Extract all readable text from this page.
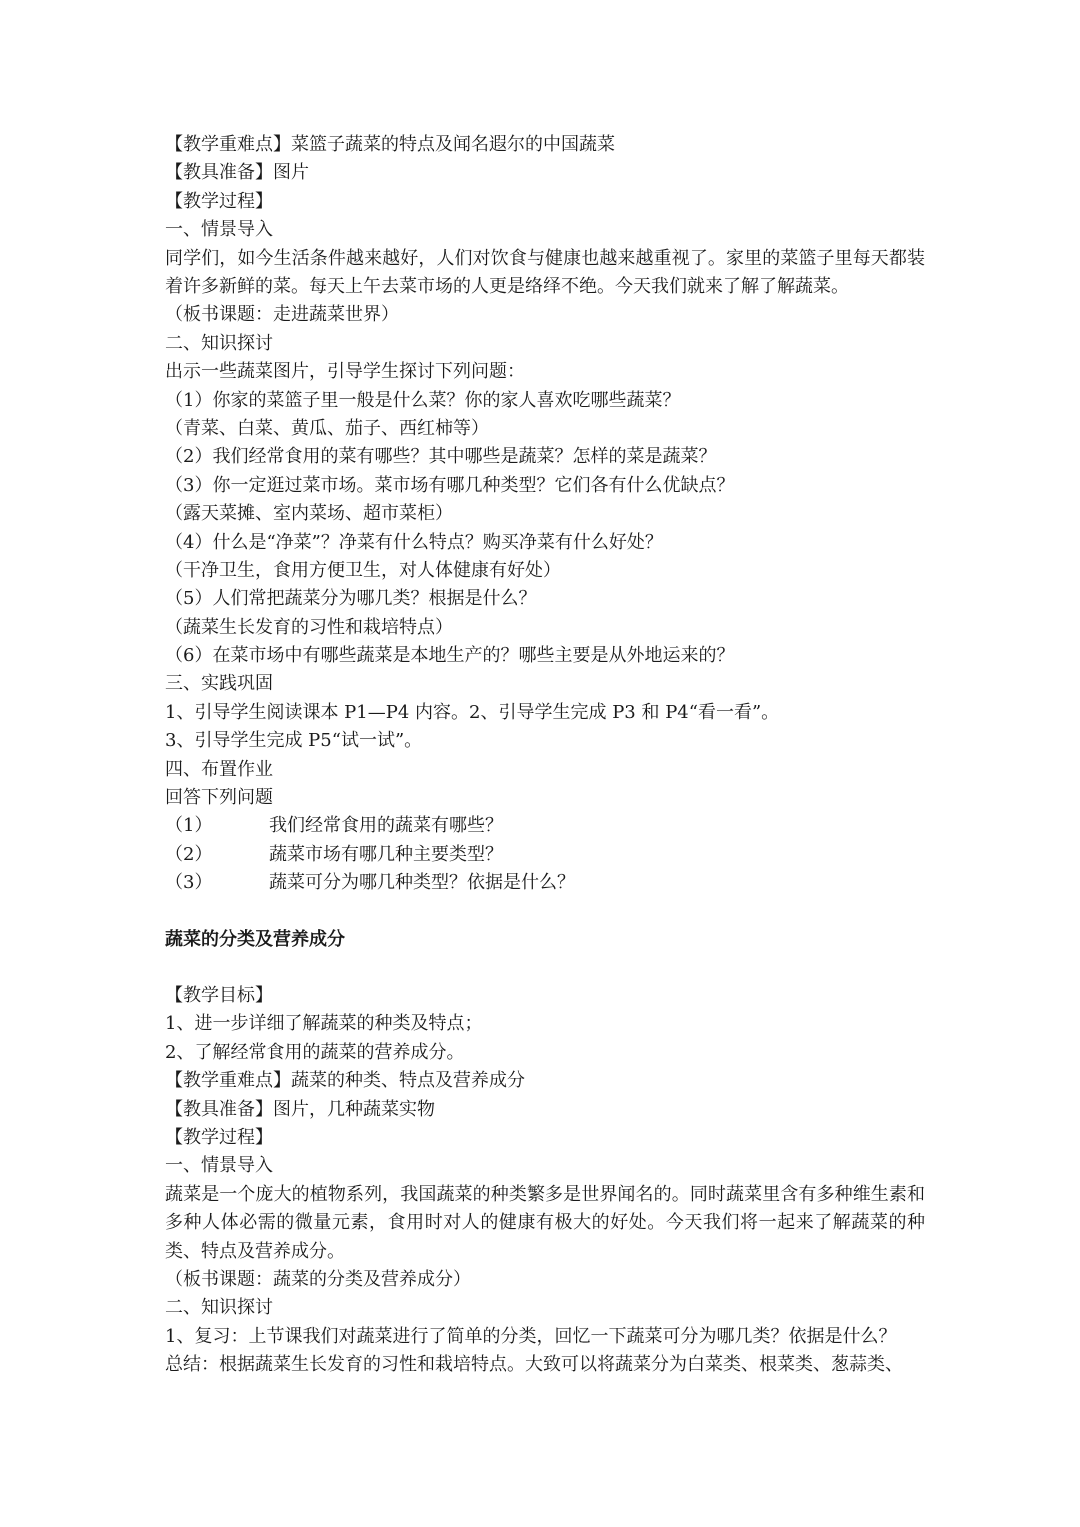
【教学重难点】菜篮子蔬菜的特点及闻名遐尔的中国蔬菜

【教具准备】图片

【教学过程】

一、情景导入

同学们，如今生活条件越来越好，人们对饮食与健康也越来越重视了。家里的菜篮子里每天都装着许多新鲜的菜。每天上午去菜市场的人更是络绎不绝。今天我们就来了解了解蔬菜。

（板书课题：走进蔬菜世界）

二、知识探讨

出示一些蔬菜图片，引导学生探讨下列问题：

（1）你家的菜篮子里一般是什么菜？你的家人喜欢吃哪些蔬菜？

（青菜、白菜、黄瓜、茄子、西红柿等）

（2）我们经常食用的菜有哪些？其中哪些是蔬菜？怎样的菜是蔬菜？

（3）你一定逛过菜市场。菜市场有哪几种类型？它们各有什么优缺点？

（露天菜摊、室内菜场、超市菜柜）

（4）什么是“净菜”？净菜有什么特点？购买净菜有什么好处？

（干净卫生，食用方便卫生，对人体健康有好处）

（5）人们常把蔬菜分为哪几类？根据是什么？

（蔬菜生长发育的习性和栽培特点）

（6）在菜市场中有哪些蔬菜是本地生产的？哪些主要是从外地运来的？

三、实践巩固

1、引导学生阅读课本 P1—P4 内容。2、引导学生完成 P3 和 P4“看一看”。

3、引导学生完成 P5“试一试”。

四、布置作业

回答下列问题

（1）	我们经常食用的蔬菜有哪些？
（2）	蔬菜市场有哪几种主要类型？
（3）	蔬菜可分为哪几种类型？依据是什么？

蔬菜的分类及营养成分

【教学目标】

1、进一步详细了解蔬菜的种类及特点；

2、了解经常食用的蔬菜的营养成分。

【教学重难点】蔬菜的种类、特点及营养成分

【教具准备】图片，几种蔬菜实物

【教学过程】

一、情景导入

蔬菜是一个庞大的植物系列，我国蔬菜的种类繁多是世界闻名的。同时蔬菜里含有多种维生素和多种人体必需的微量元素，食用时对人的健康有极大的好处。今天我们将一起来了解蔬菜的种类、特点及营养成分。

（板书课题：蔬菜的分类及营养成分）

二、知识探讨

1、复习：上节课我们对蔬菜进行了简单的分类，回忆一下蔬菜可分为哪几类？依据是什么？

总结：根据蔬菜生长发育的习性和栽培特点。大致可以将蔬菜分为白菜类、根菜类、葱蒜类、
